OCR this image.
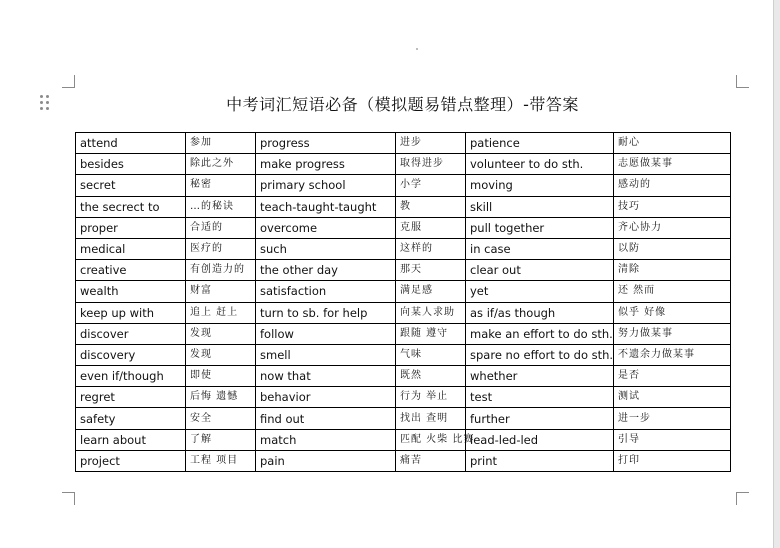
中考词汇短语必备（模拟题易错点整理）-带答案
attend	参加	progress	进步	patience	耐心
besides	除此之外	make progress	取得进步	volunteer to do sth.	志愿做某事
secret	秘密	primary school	小学	moving	感动的
the secrect to	…的秘诀	teach-taught-taught	教	skill	技巧
proper	合适的	overcome	克服	pull together	齐心协力
medical	医疗的	such	这样的	in case	以防
creative	有创造力的	the other day	那天	clear out	清除
wealth	财富	satisfaction	满足感	yet	还 然而
keep up with	追上 赶上	turn to sb. for help	向某人求助	as if/as though	似乎 好像
discover	发现	follow	跟随 遵守	make an effort to do sth.	努力做某事
discovery	发现	smell	气味	spare no effort to do sth.	不遗余力做某事
even if/though	即使	now that	既然	whether	是否
regret	后悔 遗憾	behavior	行为 举止	test	测试
safety	安全	find out	找出 查明	further	进一步
learn about	了解	match	匹配 火柴 比赛	lead-led-led	引导
project	工程 项目	pain	痛苦	print	打印
